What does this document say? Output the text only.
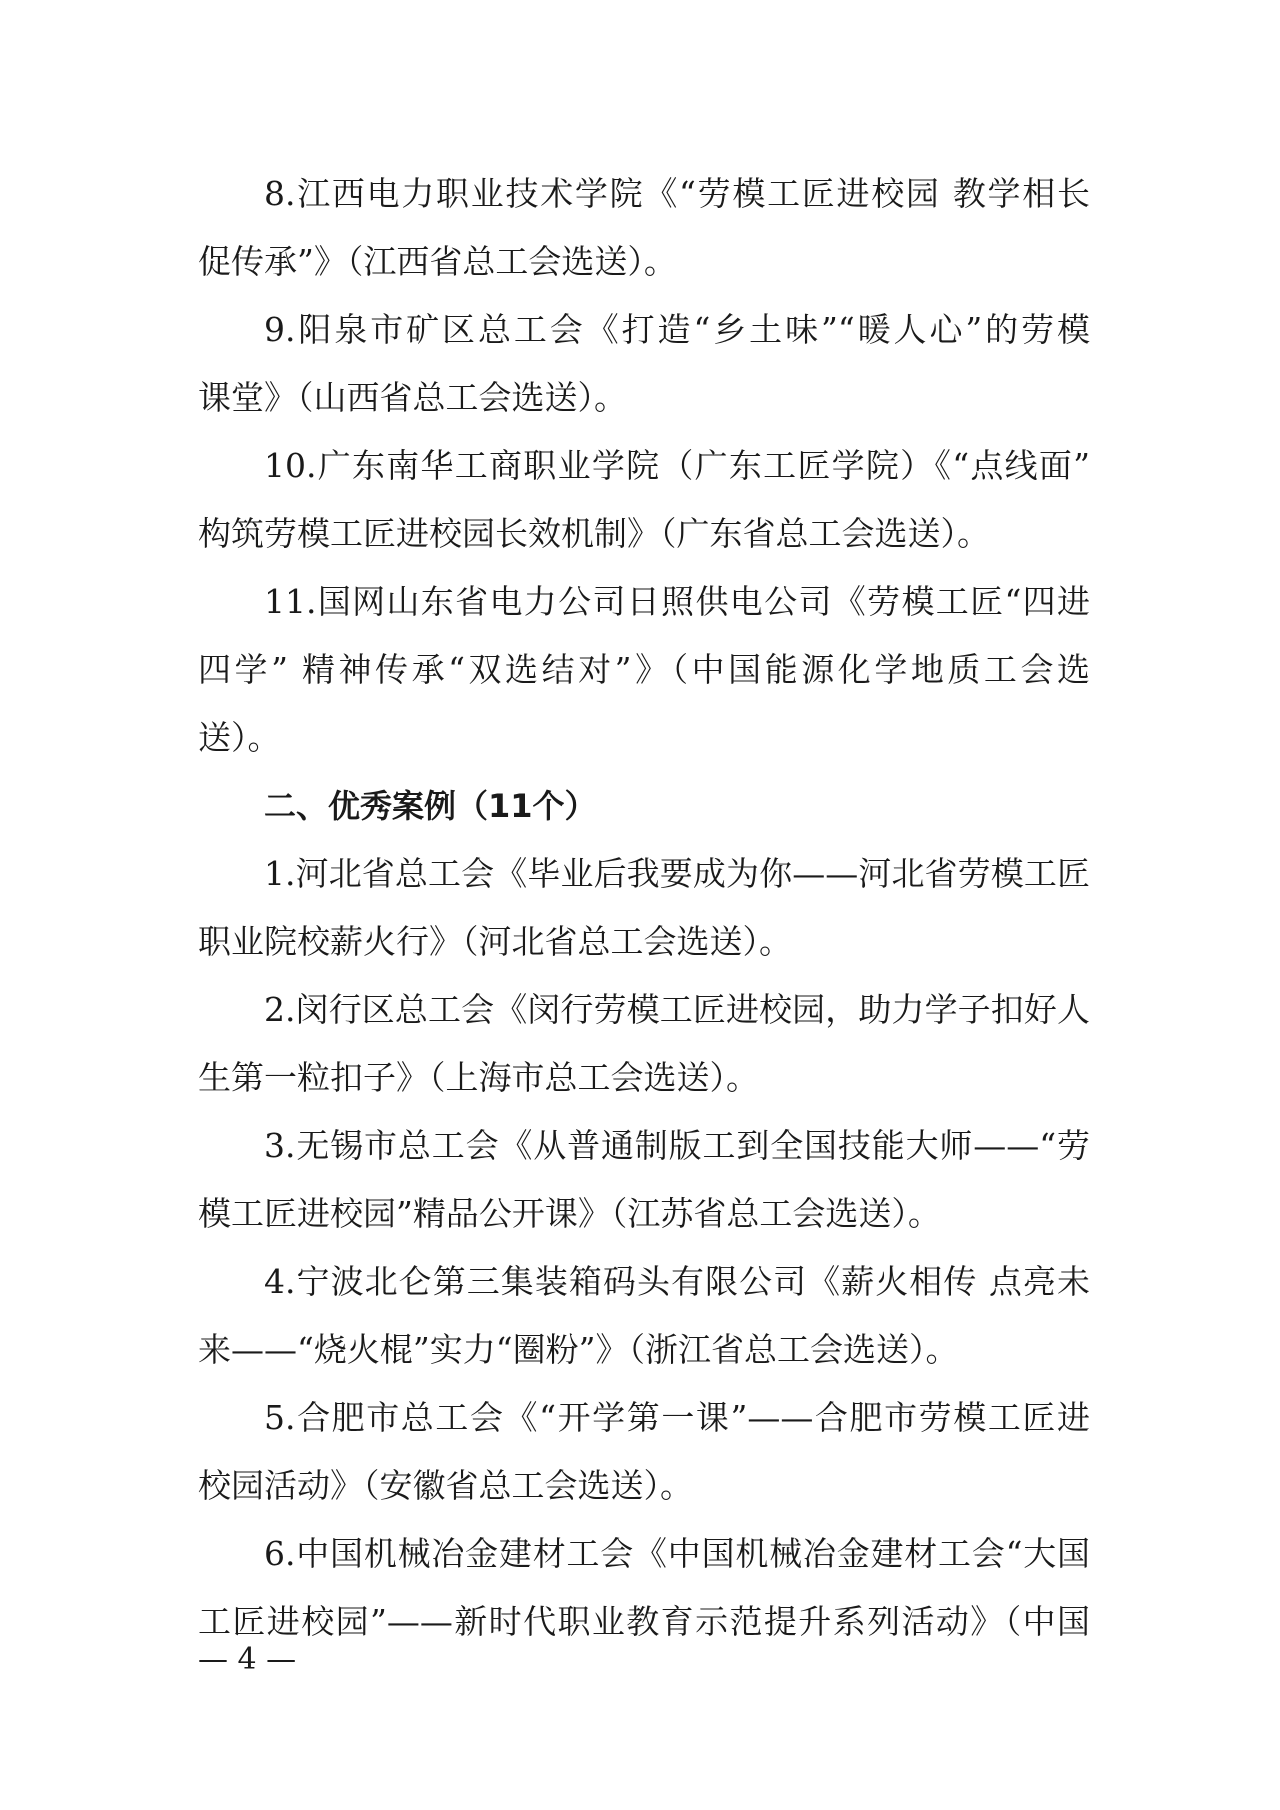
8.江西电力职业技术学院《“劳模工匠进校园 教学相长
促传承”》（江西省总工会选送）。
9.阳泉市矿区总工会《打造“乡土味”“暖人心”的劳模
课堂》（山西省总工会选送）。
10.广东南华工商职业学院（广东工匠学院）《“点线面”
构筑劳模工匠进校园长效机制》（广东省总工会选送）。
11.国网山东省电力公司日照供电公司《劳模工匠“四进
四学” 精神传承“双选结对”》（中国能源化学地质工会选
送）。
二、优秀案例（11个）
1.河北省总工会《毕业后我要成为你——河北省劳模工匠
职业院校薪火行》（河北省总工会选送）。
2.闵行区总工会《闵行劳模工匠进校园，助力学子扣好人
生第一粒扣子》（上海市总工会选送）。
3.无锡市总工会《从普通制版工到全国技能大师——“劳
模工匠进校园”精品公开课》（江苏省总工会选送）。
4.宁波北仑第三集装箱码头有限公司《薪火相传 点亮未
来——“烧火棍”实力“圈粉”》（浙江省总工会选送）。
5.合肥市总工会《“开学第一课”——合肥市劳模工匠进
校园活动》（安徽省总工会选送）。
6.中国机械冶金建材工会《中国机械冶金建材工会“大国
工匠进校园”——新时代职业教育示范提升系列活动》（中国
— 4 —
